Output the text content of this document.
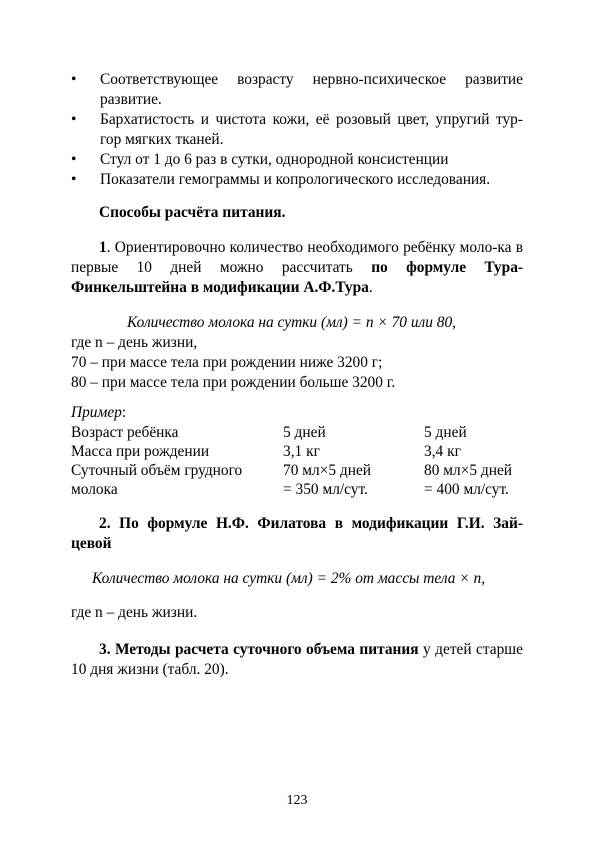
• Соответствующее возрасту нервно-психическое развитие развитие.
• Бархатистость и чистота кожи, её розовый цвет, упругий тур-гор мягких тканей.
• Стул от 1 до 6 раз в сутки, однородной консистенции
• Показатели гемограммы и копрологического исследования.
Способы расчёта питания.
1. Ориентировочно количество необходимого ребёнку моло-ка в первые 10 дней можно рассчитать по формуле Тура-Финкельштейна в модификации А.Ф.Тура.
Количество молока на сутки (мл) = n × 70 или 80,
где n – день жизни,
70 – при массе тела при рождении ниже 3200 г;
80 – при массе тела при рождении больше 3200 г.
Пример:
Возраст ребёнка	5 дней	5 дней
Масса при рождении	3,1 кг	3,4 кг
Суточный объём грудного	70 мл×5 дней	80 мл×5 дней
молока	= 350 мл/сут.	= 400 мл/сут.
2. По формуле Н.Ф. Филатова в модификации Г.И. Зай-цевой
Количество молока на сутки (мл) = 2% от массы тела × n,
где n – день жизни.
3. Методы расчета суточного объема питания у детей старше 10 дня жизни (табл. 20).
123
